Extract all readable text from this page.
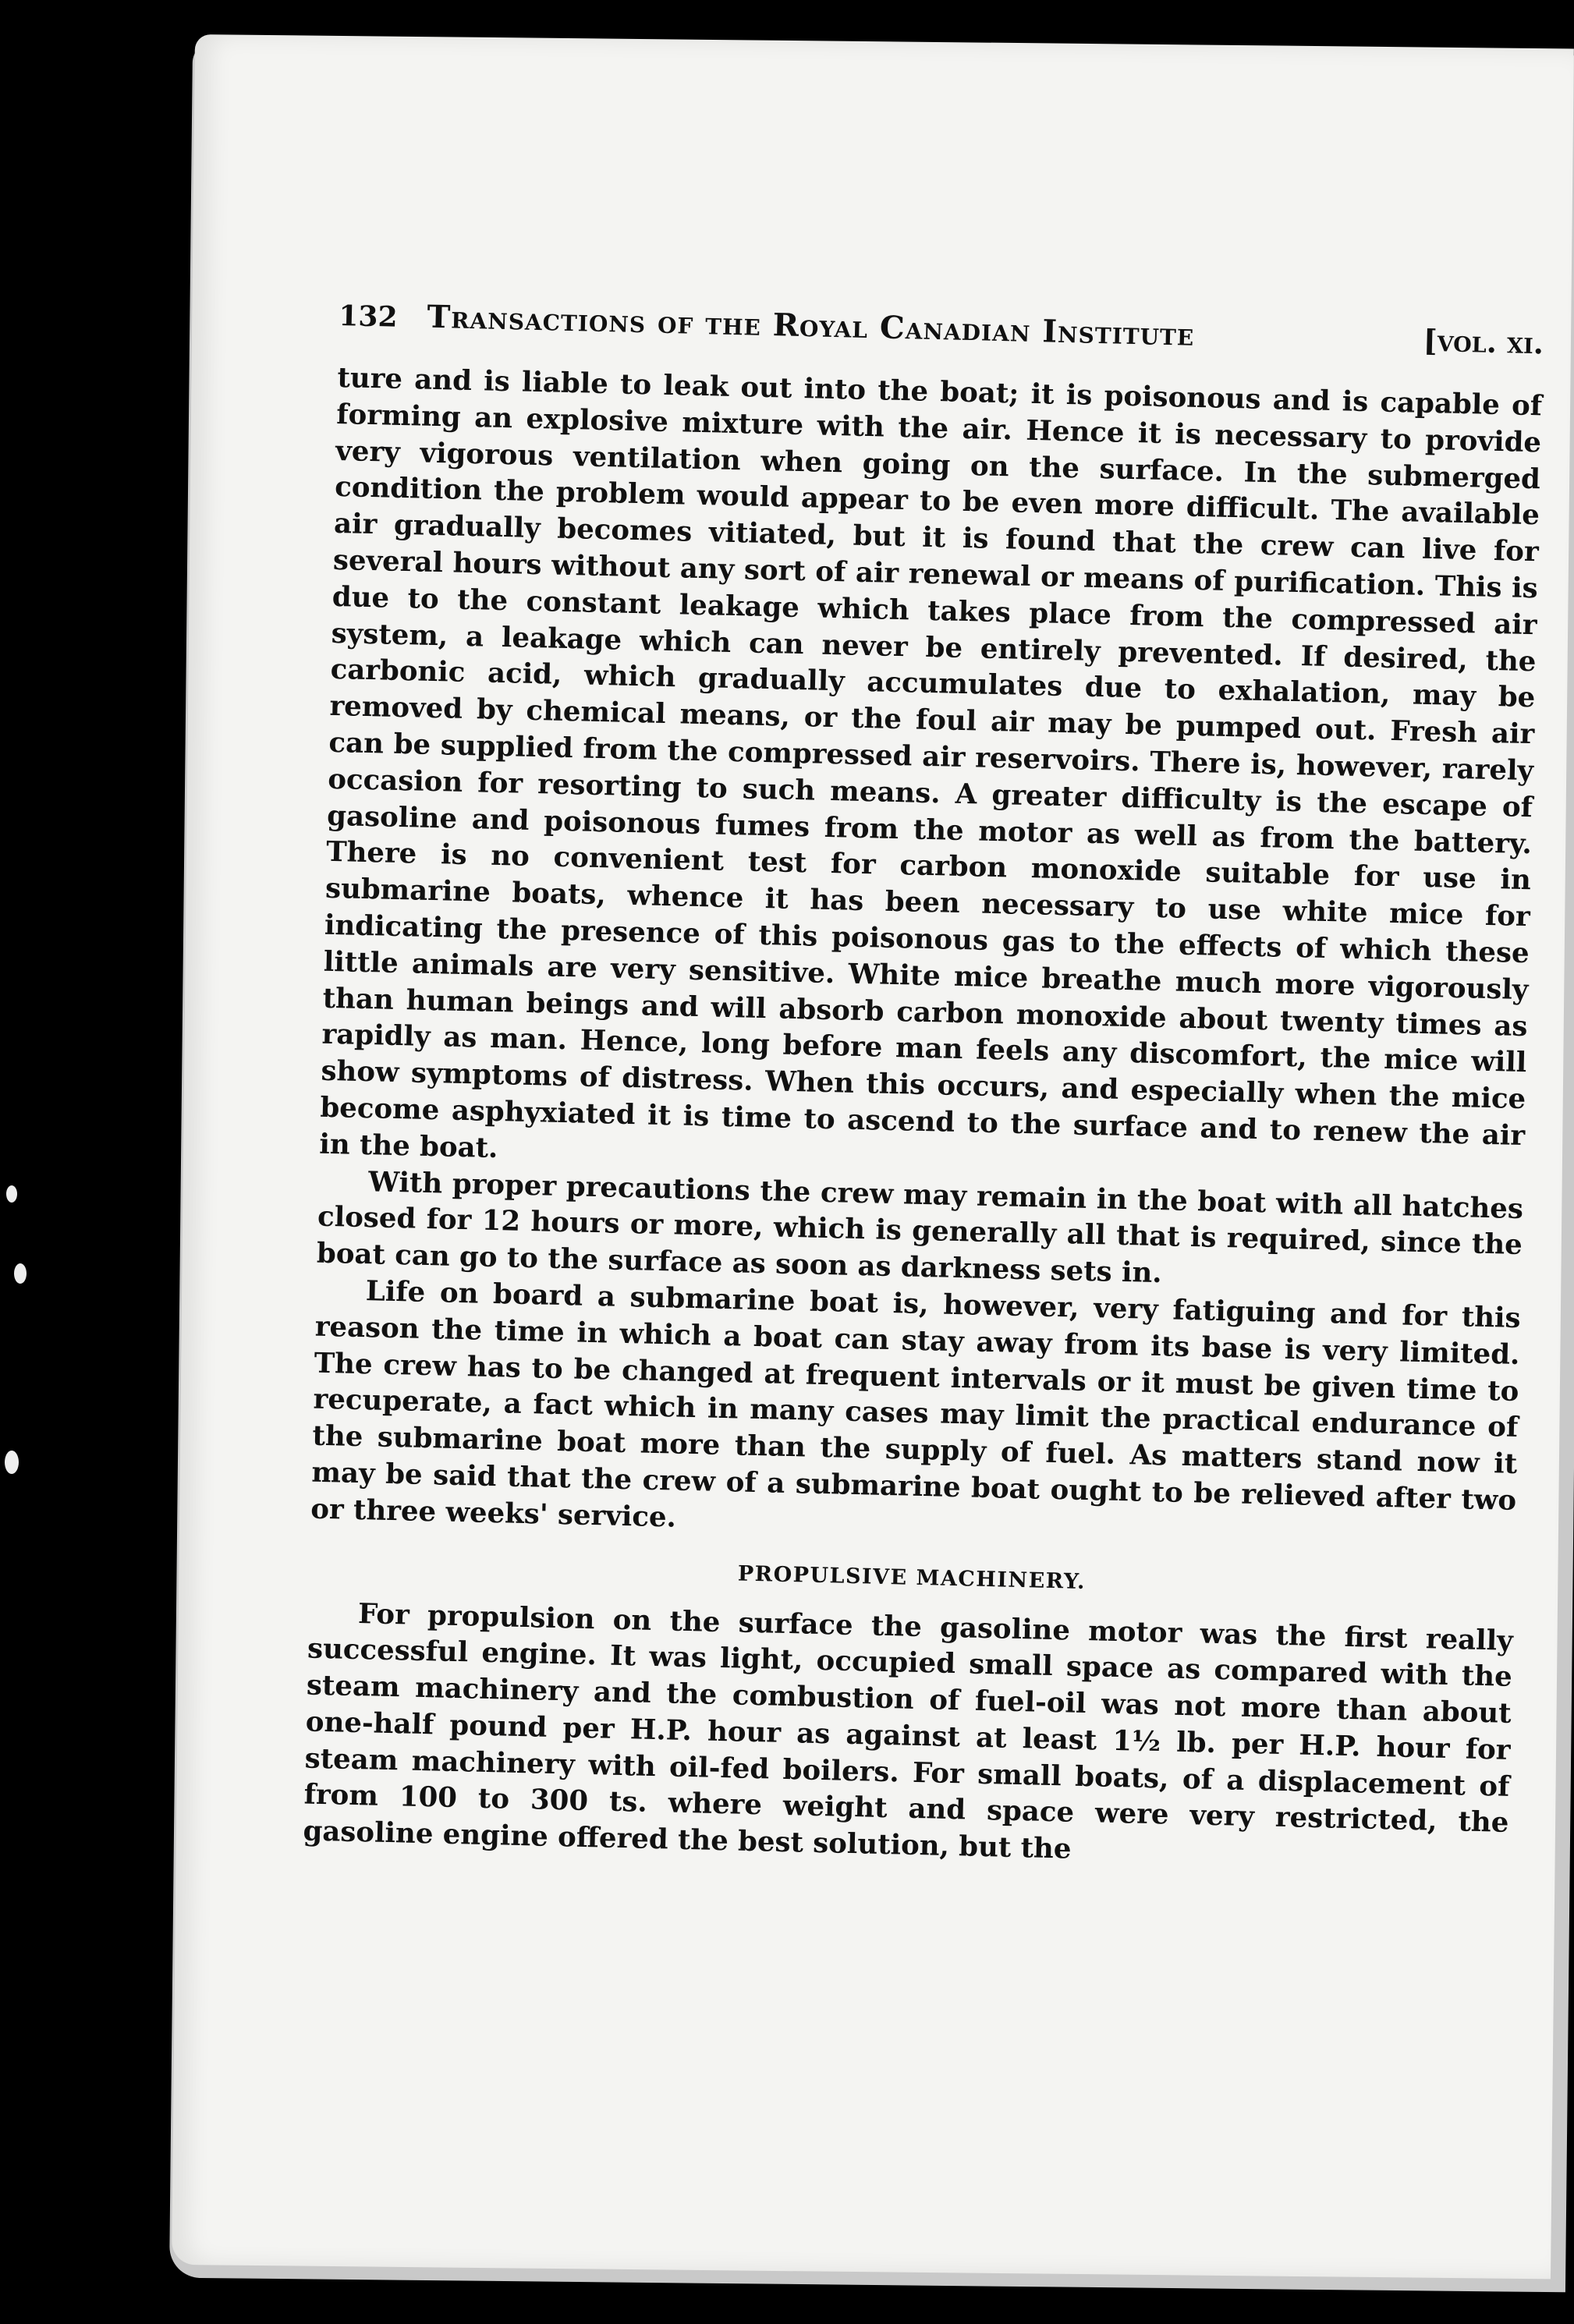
132 Transactions of the Royal Canadian Institute	[vol. xi.

ture and is liable to leak out into the boat; it is poisonous and is capable of forming an explosive mixture with the air. Hence it is necessary to provide very vigorous ventilation when going on the surface. In the submerged condition the problem would appear to be even more difficult. The available air gradually becomes vitiated, but it is found that the crew can live for several hours without any sort of air renewal or means of purification. This is due to the constant leakage which takes place from the compressed air system, a leakage which can never be entirely prevented. If desired, the carbonic acid, which gradually accumulates due to exhalation, may be removed by chemical means, or the foul air may be pumped out. Fresh air can be supplied from the compressed air reservoirs. There is, however, rarely occasion for resorting to such means. A greater difficulty is the escape of gasoline and poisonous fumes from the motor as well as from the battery. There is no convenient test for carbon monoxide suitable for use in submarine boats, whence it has been necessary to use white mice for indicating the presence of this poisonous gas to the effects of which these little animals are very sensitive. White mice breathe much more vigorously than human beings and will absorb carbon monoxide about twenty times as rapidly as man. Hence, long before man feels any discomfort, the mice will show symptoms of distress. When this occurs, and especially when the mice become asphyxiated it is time to ascend to the surface and to renew the air in the boat.

With proper precautions the crew may remain in the boat with all hatches closed for 12 hours or more, which is generally all that is required, since the boat can go to the surface as soon as darkness sets in.

Life on board a submarine boat is, however, very fatiguing and for this reason the time in which a boat can stay away from its base is very limited. The crew has to be changed at frequent intervals or it must be given time to recuperate, a fact which in many cases may limit the practical endurance of the submarine boat more than the supply of fuel. As matters stand now it may be said that the crew of a submarine boat ought to be relieved after two or three weeks' service.

PROPULSIVE MACHINERY.

For propulsion on the surface the gasoline motor was the first really successful engine. It was light, occupied small space as compared with the steam machinery and the combustion of fuel-oil was not more than about one-half pound per H.P. hour as against at least 1½ lb. per H.P. hour for steam machinery with oil-fed boilers. For small boats, of a displacement of from 100 to 300 ts. where weight and space were very restricted, the gasoline engine offered the best solution, but the
